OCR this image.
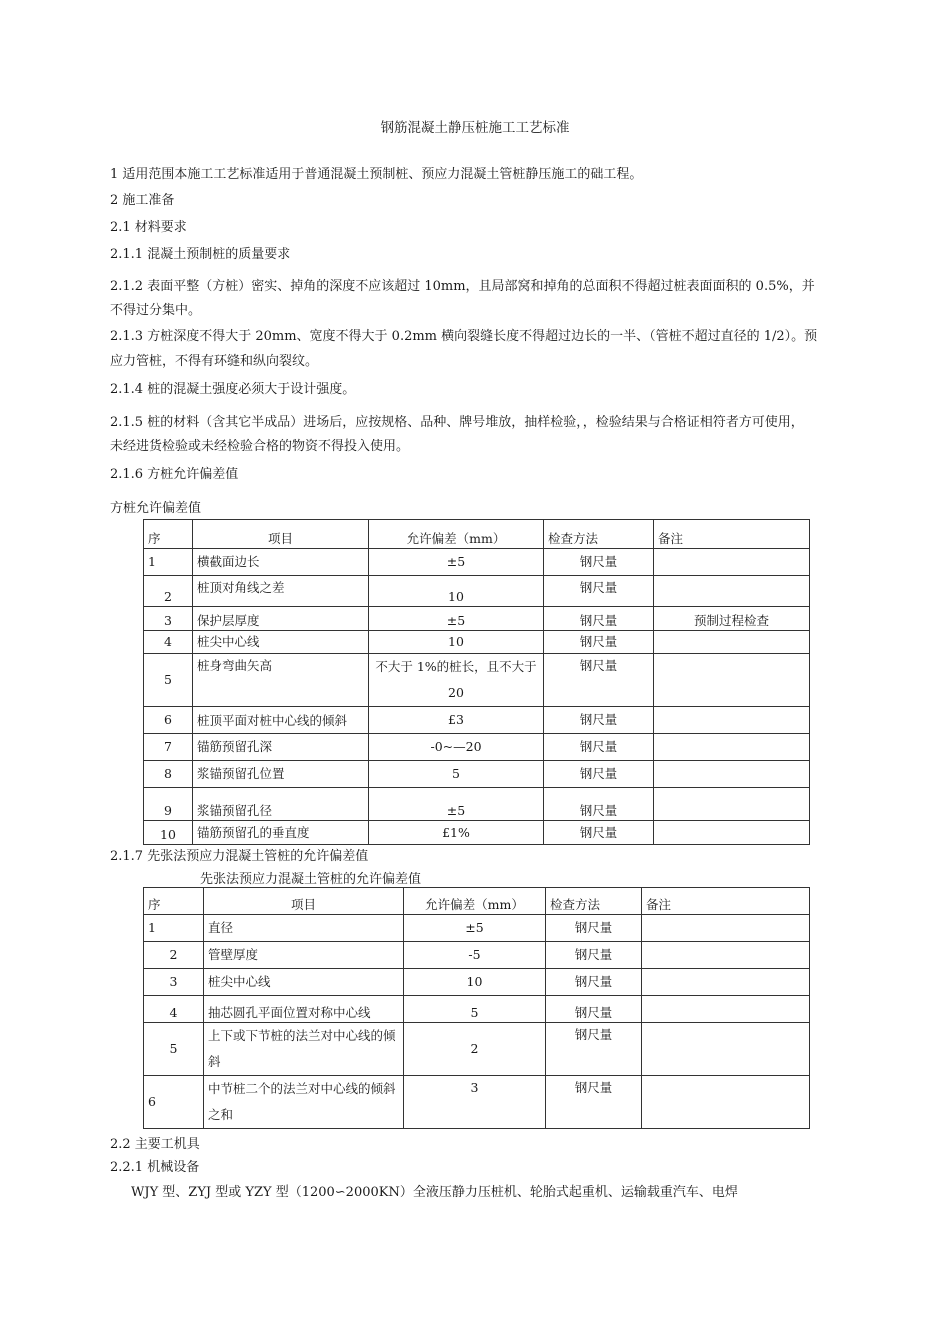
钢筋混凝土静压桩施工工艺标准
1 适用范围本施工工艺标准适用于普通混凝土预制桩、预应力混凝土管桩静压施工的础工程。
2 施工准备
2.1 材料要求
2.1.1 混凝土预制桩的质量要求
2.1.2 表面平整（方桩）密实、掉角的深度不应该超过 10mm，且局部窝和掉角的总面积不得超过桩表面面积的 0.5%，并
不得过分集中。
2.1.3 方桩深度不得大于 20mm、宽度不得大于 0.2mm 横向裂缝长度不得超过边长的一半、（管桩不超过直径的 1/2）。预
应力管桩，不得有环缝和纵向裂纹。
2.1.4 桩的混凝土强度必须大于设计强度。
2.1.5 桩的材料（含其它半成品）进场后，应按规格、品种、牌号堆放，抽样检验，，检验结果与合格证相符者方可使用，
未经进货检验或未经检验合格的物资不得投入使用。
2.1.6 方桩允许偏差值
方桩允许偏差值
序	项目	允许偏差（mm）	检查方法	备注
1	横截面边长	±5	钢尺量	
2	桩顶对角线之差	10	钢尺量	
3	保护层厚度	±5	钢尺量	预制过程检查
4	桩尖中心线	10	钢尺量	
5	桩身弯曲矢高	不大于 1%的桩长，且不大于 20	钢尺量	
6	桩顶平面对桩中心线的倾斜	£3	钢尺量	
7	锚筋预留孔深	-0~—20	钢尺量	
8	浆锚预留孔位置	5	钢尺量	
9	浆锚预留孔径	±5	钢尺量	
10	锚筋预留孔的垂直度	£1%	钢尺量	
2.1.7 先张法预应力混凝土管桩的允许偏差值
先张法预应力混凝土管桩的允许偏差值
序	项目	允许偏差（mm）	检查方法	备注
1	直径	±5	钢尺量	
2	管壁厚度	-5	钢尺量	
3	桩尖中心线	10	钢尺量	
4	抽芯圆孔平面位置对称中心线	5	钢尺量	
5	上下或下节桩的法兰对中心线的倾斜	2	钢尺量	
6	中节桩二个的法兰对中心线的倾斜之和	3	钢尺量	
2.2 主要工机具
2.2.1 机械设备
WJY 型、ZYJ 型或 YZY 型（1200∽2000KN）全液压静力压桩机、轮胎式起重机、运输载重汽车、电焊
